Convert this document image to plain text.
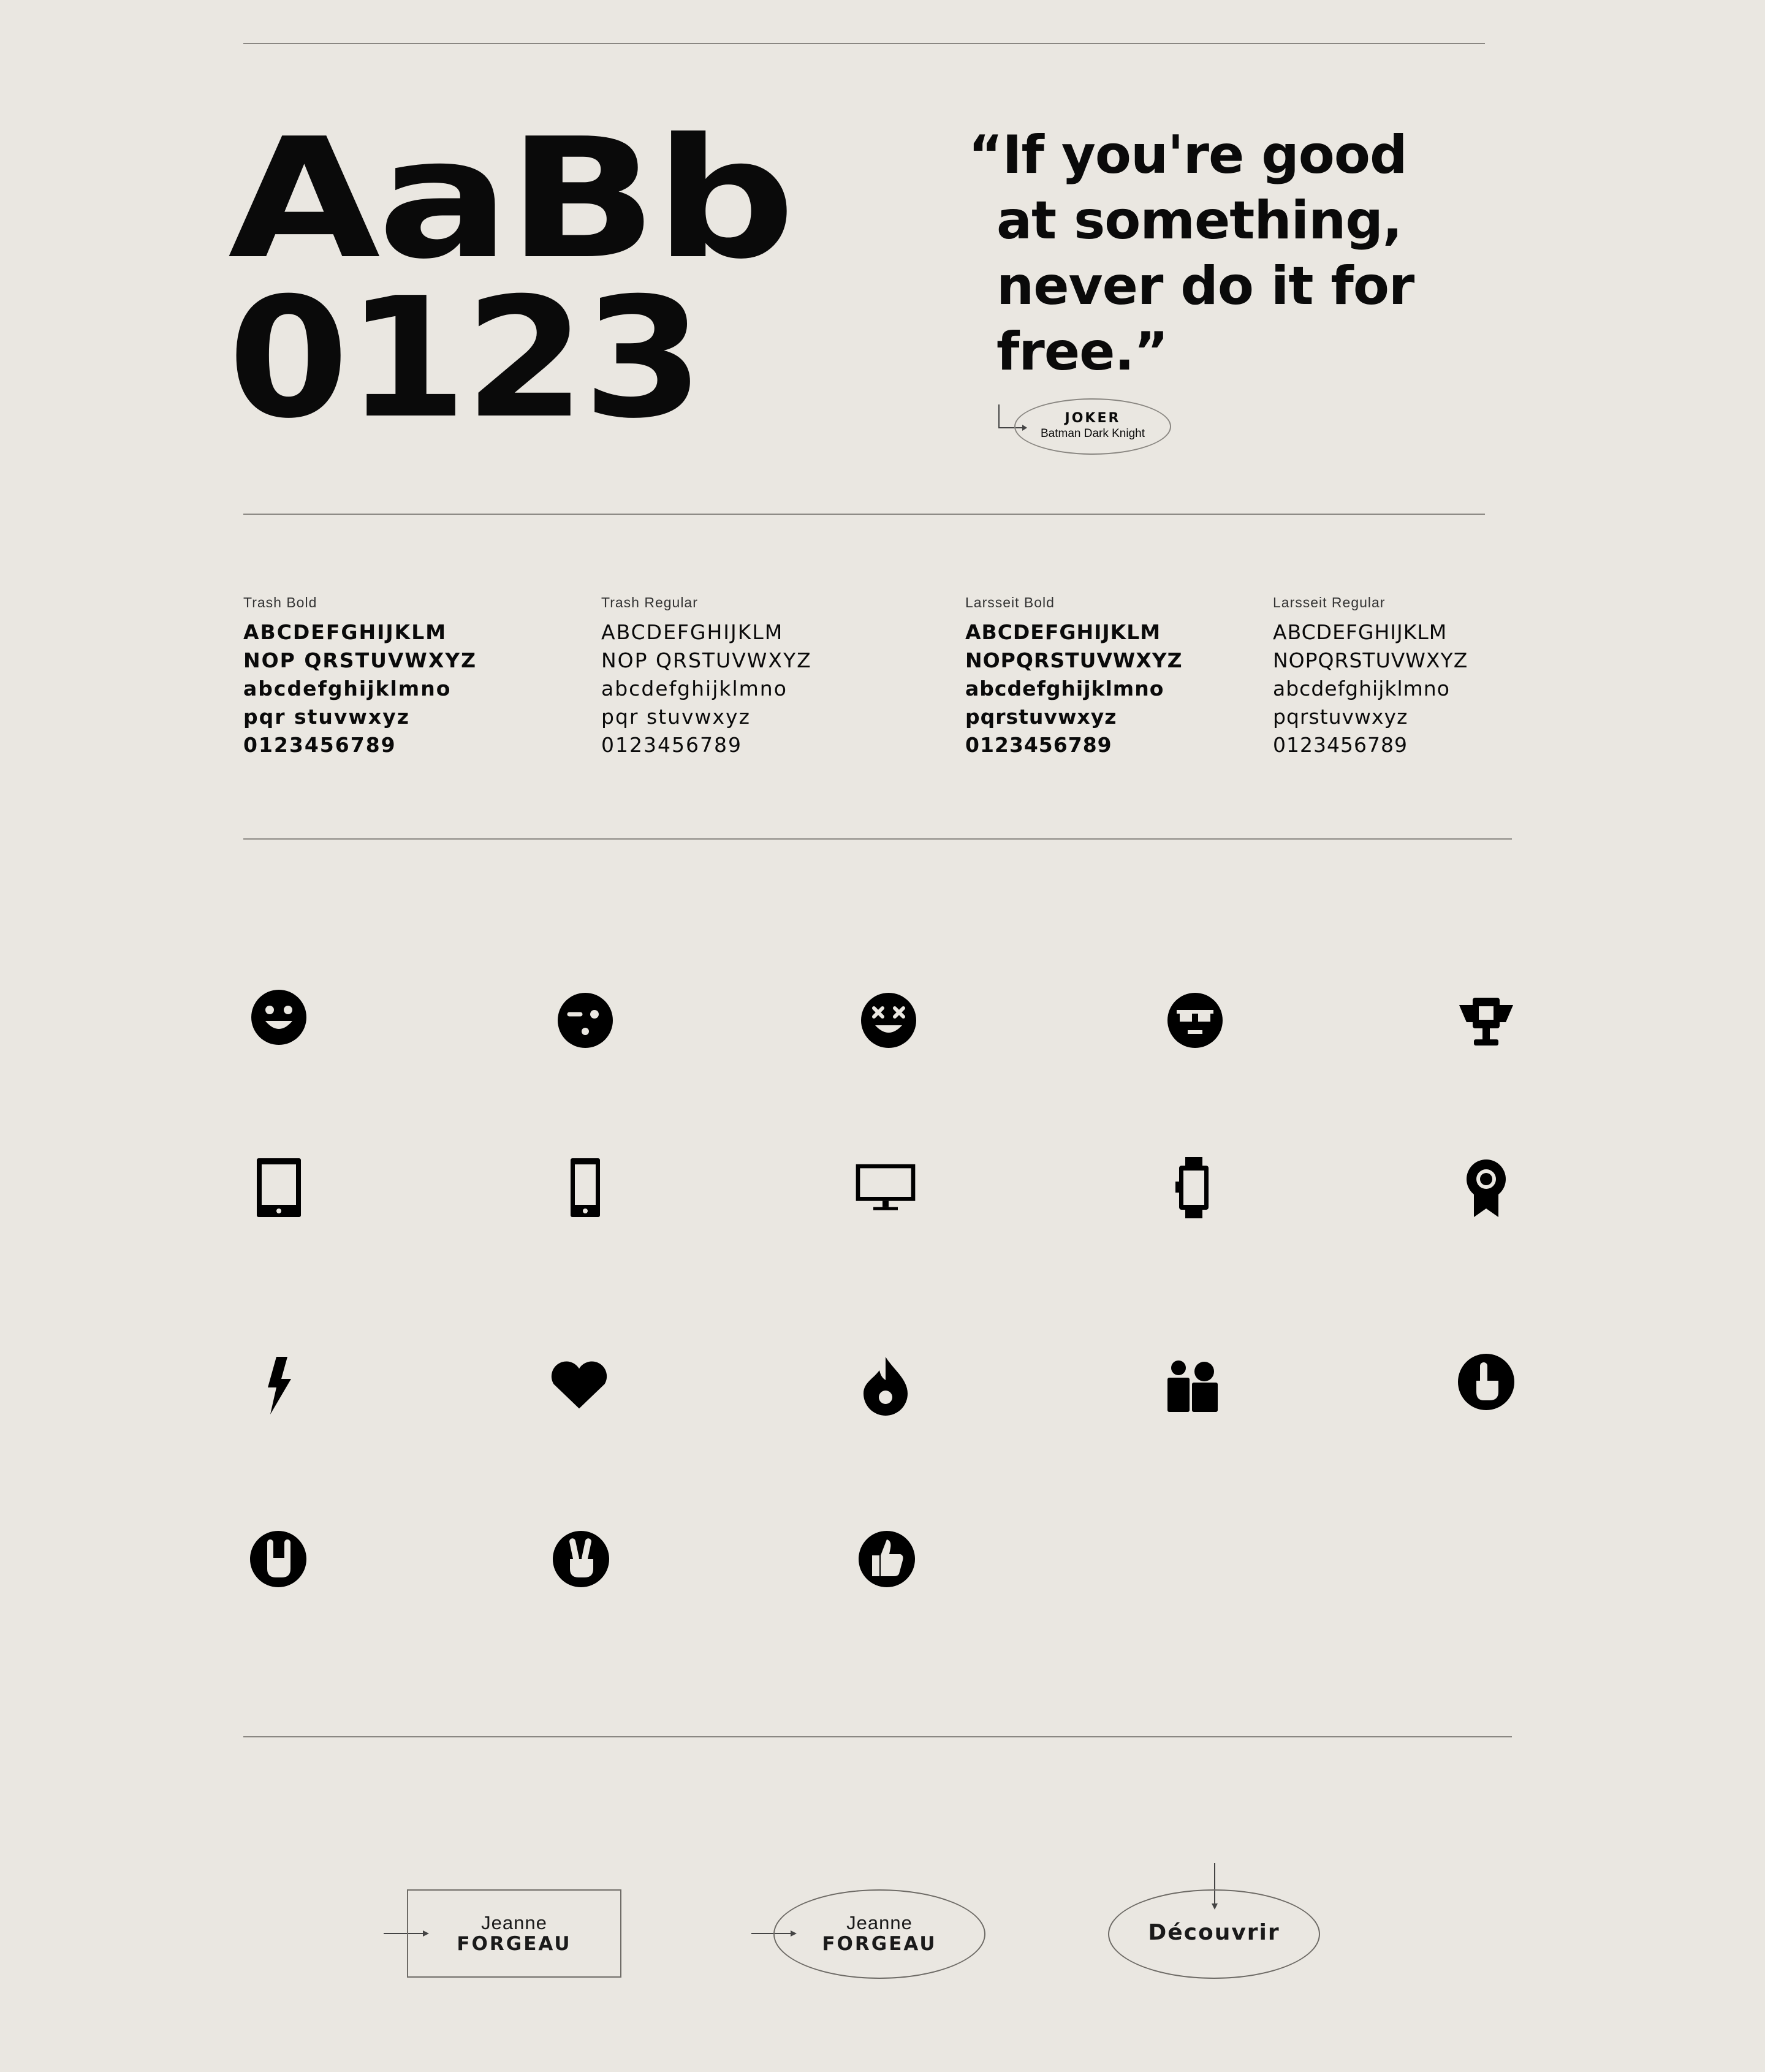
AaBb
0123

“If you're good
at something,
never do it for
free.”

JOKER
Batman Dark Knight
Trash Bold
ABCDEFGHIJKLM
NOP QRSTUVWXYZ
abcdefghijklmno
pqr stuvwxyz
0123456789
Trash Regular
ABCDEFGHIJKLM
NOP QRSTUVWXYZ
abcdefghijklmno
pqr stuvwxyz
0123456789
Larsseit Bold
ABCDEFGHIJKLM
NOPQRSTUVWXYZ
abcdefghijklmno
pqrstuvwxyz
0123456789
Larsseit Regular
ABCDEFGHIJKLM
NOPQRSTUVWXYZ
abcdefghijklmno
pqrstuvwxyz
0123456789
Jeanne
FORGEAU
Jeanne
FORGEAU	Découvrir
